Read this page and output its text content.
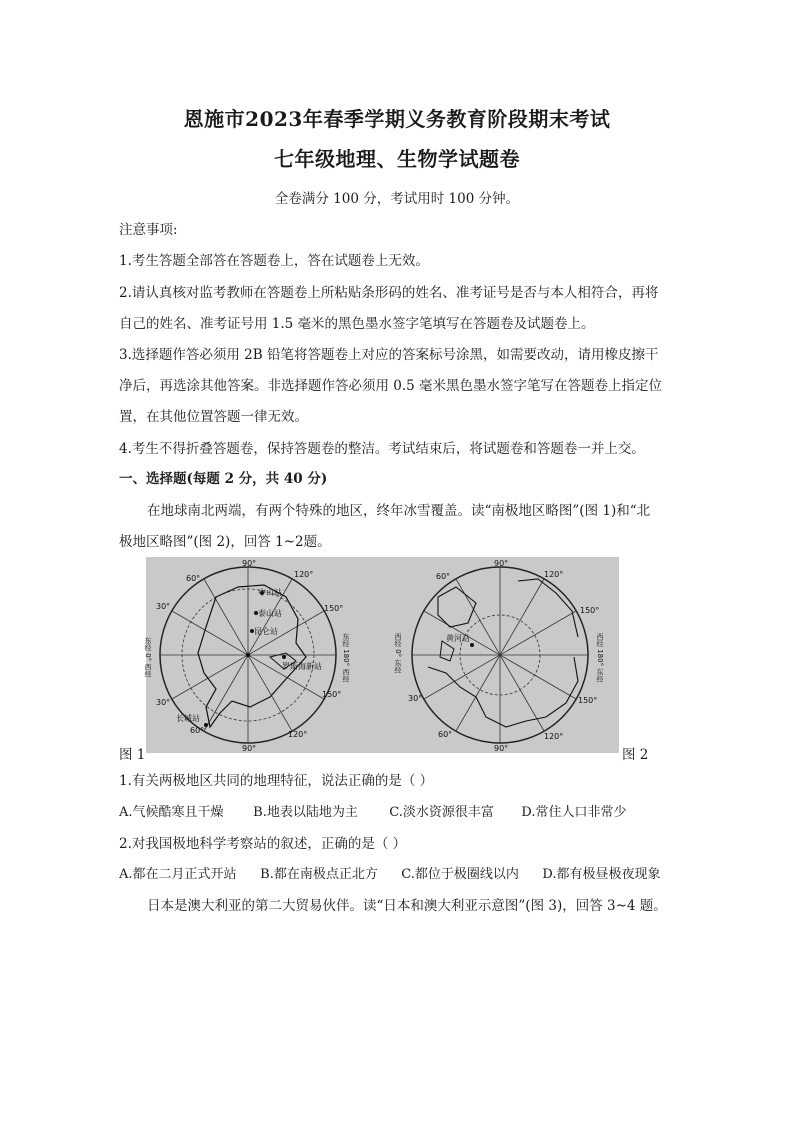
恩施市2023年春季学期义务教育阶段期末考试
七年级地理、生物学试题卷
全卷满分 100 分，考试用时 100 分钟。
注意事项:
1.考生答题全部答在答题卷上，答在试题卷上无效。
2.请认真核对监考教师在答题卷上所粘贴条形码的姓名、准考证号是否与本人相符合，再将
自己的姓名、准考证号用 1.5 毫米的黑色墨水签字笔填写在答题卷及试题卷上。
3.选择题作答必须用 2B 铅笔将答题卷上对应的答案标号涂黑，如需要改动，请用橡皮擦干
净后，再选涂其他答案。非选择题作答必须用 0.5 毫米黑色墨水签字笔写在答题卷上指定位
置，在其他位置答题一律无效。
4.考生不得折叠答题卷，保持答题卷的整洁。考试结束后，将试题卷和答题卷一并上交。
一、选择题(每题 2 分，共 40 分)
在地球南北两端，有两个特殊的地区，终年冰雪覆盖。读“南极地区略图”(图 1)和“北
极地区略图”(图 2)，回答 1~2题。
图 1	图 2
90°
90°
60°	120°
30°	150°
30°
150°
60°	120°
东经 0° 西经	东经 180° 西经
中山站
泰山站
昆仑站
罗斯海新站
长城站
90°
90°
60°	120°
150°
30°	150°
60°	120°
西经 0° 东经	西经 180° 东经
黄河站
1.有关两极地区共同的地理特征，说法正确的是（ ）
A.气候酷寒且干燥 B.地表以陆地为主 C.淡水资源很丰富 D.常住人口非常少
2.对我国极地科学考察站的叙述，正确的是（ ）
A.都在二月正式开站 B.都在南极点正北方 C.都位于极圈线以内 D.都有极昼极夜现象
日本是澳大利亚的第二大贸易伙伴。读“日本和澳大利亚示意图”(图 3)，回答 3~4 题。
